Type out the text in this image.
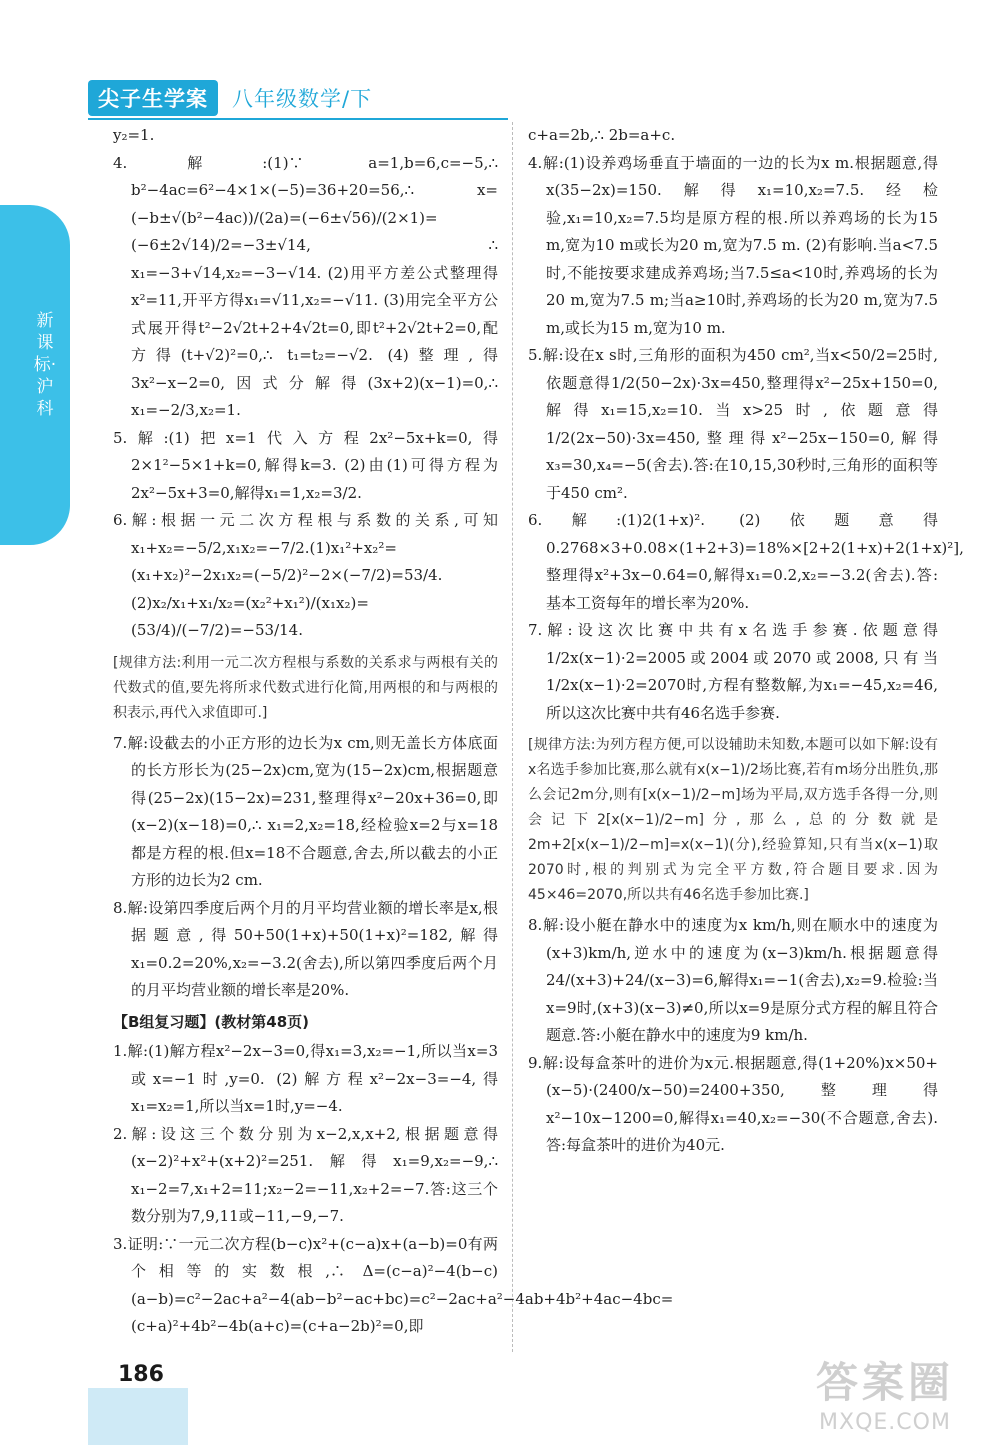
尖子生学案	八年级数学/下
新课标·沪科

y₂=1.

4.解:(1)∵ a=1,b=6,c=−5,∴ b²−4ac=6²−4×1×(−5)=36+20=56,∴ x=(−b±√(b²−4ac))/(2a)=(−6±√56)/(2×1)=(−6±2√14)/2=−3±√14, ∴ x₁=−3+√14,x₂=−3−√14. (2)用平方差公式整理得x²=11,开平方得x₁=√11,x₂=−√11. (3)用完全平方公式展开得t²−2√2t+2+4√2t=0,即t²+2√2t+2=0,配方得(t+√2)²=0,∴ t₁=t₂=−√2. (4)整理,得3x²−x−2=0,因式分解得(3x+2)(x−1)=0,∴ x₁=−2/3,x₂=1.

5.解:(1)把x=1代入方程2x²−5x+k=0,得2×1²−5×1+k=0,解得k=3. (2)由(1)可得方程为2x²−5x+3=0,解得x₁=1,x₂=3/2.

6.解:根据一元二次方程根与系数的关系,可知x₁+x₂=−5/2,x₁x₂=−7/2.(1)x₁²+x₂²=(x₁+x₂)²−2x₁x₂=(−5/2)²−2×(−7/2)=53/4. (2)x₂/x₁+x₁/x₂=(x₂²+x₁²)/(x₁x₂)=(53/4)/(−7/2)=−53/14.

[规律方法:利用一元二次方程根与系数的关系求与两根有关的代数式的值,要先将所求代数式进行化简,用两根的和与两根的积表示,再代入求值即可.]

7.解:设截去的小正方形的边长为x cm,则无盖长方体底面的长方形长为(25−2x)cm,宽为(15−2x)cm,根据题意得(25−2x)(15−2x)=231,整理得x²−20x+36=0,即(x−2)(x−18)=0,∴ x₁=2,x₂=18,经检验x=2与x=18都是方程的根.但x=18不合题意,舍去,所以截去的小正方形的边长为2 cm.

8.解:设第四季度后两个月的月平均营业额的增长率是x,根据题意,得50+50(1+x)+50(1+x)²=182,解得x₁=0.2=20%,x₂=−3.2(舍去),所以第四季度后两个月的月平均营业额的增长率是20%.

【B组复习题】(教材第48页)

1.解:(1)解方程x²−2x−3=0,得x₁=3,x₂=−1,所以当x=3或x=−1时,y=0. (2)解方程x²−2x−3=−4,得x₁=x₂=1,所以当x=1时,y=−4.

2.解:设这三个数分别为x−2,x,x+2,根据题意得(x−2)²+x²+(x+2)²=251.解得x₁=9,x₂=−9,∴ x₁−2=7,x₁+2=11;x₂−2=−11,x₂+2=−7.答:这三个数分别为7,9,11或−11,−9,−7.

3.证明:∵一元二次方程(b−c)x²+(c−a)x+(a−b)=0有两个相等的实数根,∴ Δ=(c−a)²−4(b−c)(a−b)=c²−2ac+a²−4(ab−b²−ac+bc)=c²−2ac+a²−4ab+4b²+4ac−4bc=(c+a)²+4b²−4b(a+c)=(c+a−2b)²=0,即

c+a=2b,∴ 2b=a+c.

4.解:(1)设养鸡场垂直于墙面的一边的长为x m.根据题意,得x(35−2x)=150.解得x₁=10,x₂=7.5.经检验,x₁=10,x₂=7.5均是原方程的根.所以养鸡场的长为15 m,宽为10 m或长为20 m,宽为7.5 m. (2)有影响.当a<7.5时,不能按要求建成养鸡场;当7.5≤a<10时,养鸡场的长为20 m,宽为7.5 m;当a≥10时,养鸡场的长为20 m,宽为7.5 m,或长为15 m,宽为10 m.

5.解:设在x s时,三角形的面积为450 cm²,当x<50/2=25时,依题意得1/2(50−2x)·3x=450,整理得x²−25x+150=0,解得x₁=15,x₂=10.当x>25时,依题意得1/2(2x−50)·3x=450,整理得x²−25x−150=0,解得x₃=30,x₄=−5(舍去).答:在10,15,30秒时,三角形的面积等于450 cm².

6.解:(1)2(1+x)². (2)依题意得0.2768×3+0.08×(1+2+3)=18%×[2+2(1+x)+2(1+x)²],整理得x²+3x−0.64=0,解得x₁=0.2,x₂=−3.2(舍去).答:基本工资每年的增长率为20%.

7.解:设这次比赛中共有x名选手参赛.依题意得1/2x(x−1)·2=2005或2004或2070或2008,只有当1/2x(x−1)·2=2070时,方程有整数解,为x₁=−45,x₂=46,所以这次比赛中共有46名选手参赛.

[规律方法:为列方程方便,可以设辅助未知数,本题可以如下解:设有x名选手参加比赛,那么就有x(x−1)/2场比赛,若有m场分出胜负,那么会记2m分,则有[x(x−1)/2−m]场为平局,双方选手各得一分,则会记下2[x(x−1)/2−m]分,那么,总的分数就是2m+2[x(x−1)/2−m]=x(x−1)(分),经验算知,只有当x(x−1)取2070时,根的判别式为完全平方数,符合题目要求.因为45×46=2070,所以共有46名选手参加比赛.]

8.解:设小艇在静水中的速度为x km/h,则在顺水中的速度为(x+3)km/h,逆水中的速度为(x−3)km/h.根据题意得24/(x+3)+24/(x−3)=6,解得x₁=−1(舍去),x₂=9.检验:当x=9时,(x+3)(x−3)≠0,所以x=9是原分式方程的解且符合题意.答:小艇在静水中的速度为9 km/h.

9.解:设每盒茶叶的进价为x元.根据题意,得(1+20%)x×50+(x−5)·(2400/x−50)=2400+350,整理得x²−10x−1200=0,解得x₁=40,x₂=−30(不合题意,舍去).答:每盒茶叶的进价为40元.

186	答案圈
MXQE.COM
